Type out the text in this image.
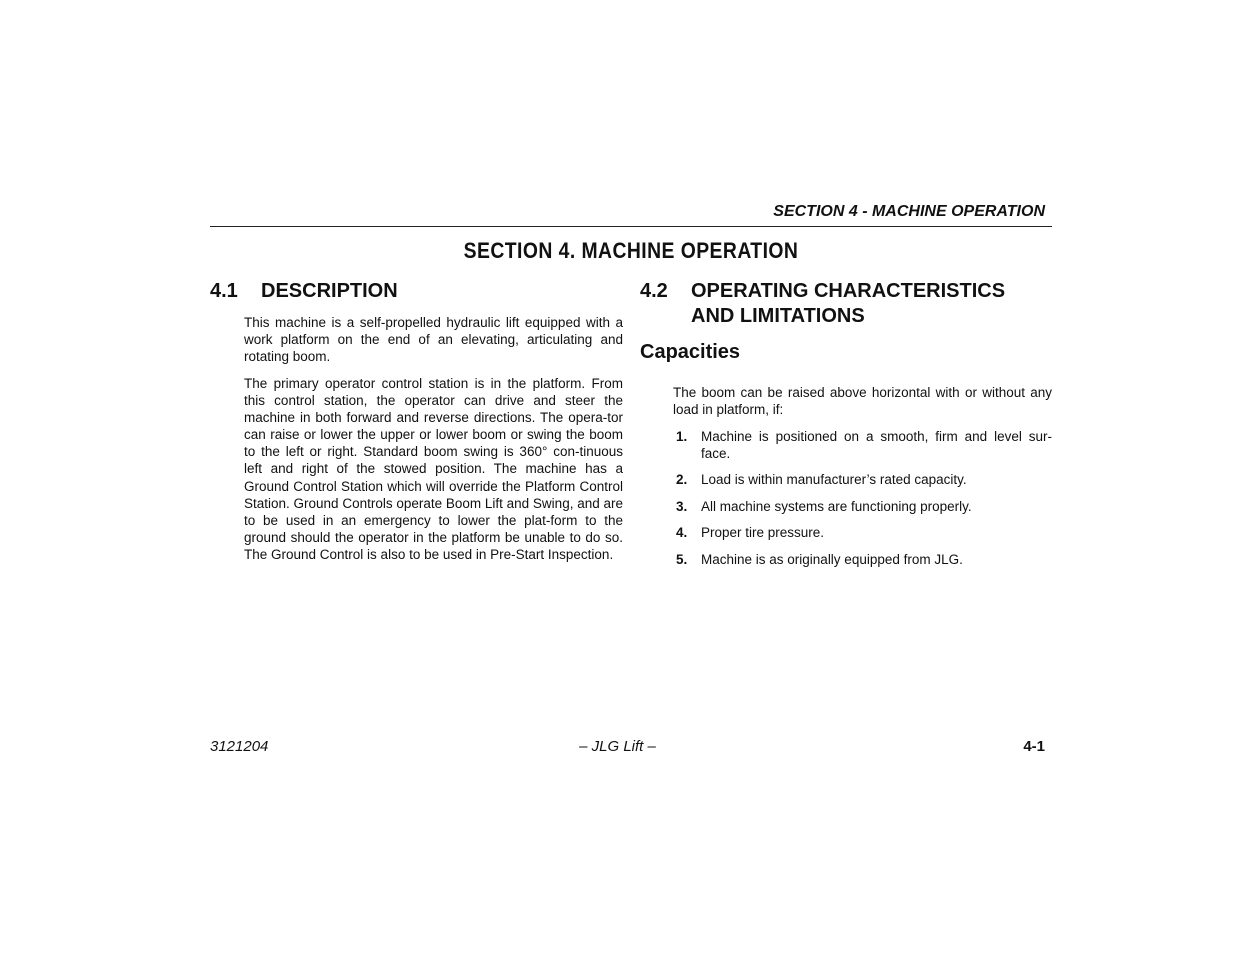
SECTION 4 - MACHINE OPERATION
SECTION 4. MACHINE OPERATION
4.1 DESCRIPTION

This machine is a self-propelled hydraulic lift equipped with a work platform on the end of an elevating, articulating and rotating boom.

The primary operator control station is in the platform. From this control station, the operator can drive and steer the machine in both forward and reverse directions. The opera-tor can raise or lower the upper or lower boom or swing the boom to the left or right. Standard boom swing is 360° con-tinuous left and right of the stowed position. The machine has a Ground Control Station which will override the Platform Control Station. Ground Controls operate Boom Lift and Swing, and are to be used in an emergency to lower the plat-form to the ground should the operator in the platform be unable to do so. The Ground Control is also to be used in Pre-Start Inspection.

4.2 OPERATING CHARACTERISTICS AND LIMITATIONS
Capacities

The boom can be raised above horizontal with or without any load in platform, if:

1. Machine is positioned on a smooth, firm and level sur-face.
2. Load is within manufacturer’s rated capacity.
3. All machine systems are functioning properly.
4. Proper tire pressure.
5. Machine is as originally equipped from JLG.
3121204	– JLG Lift –	4-1
